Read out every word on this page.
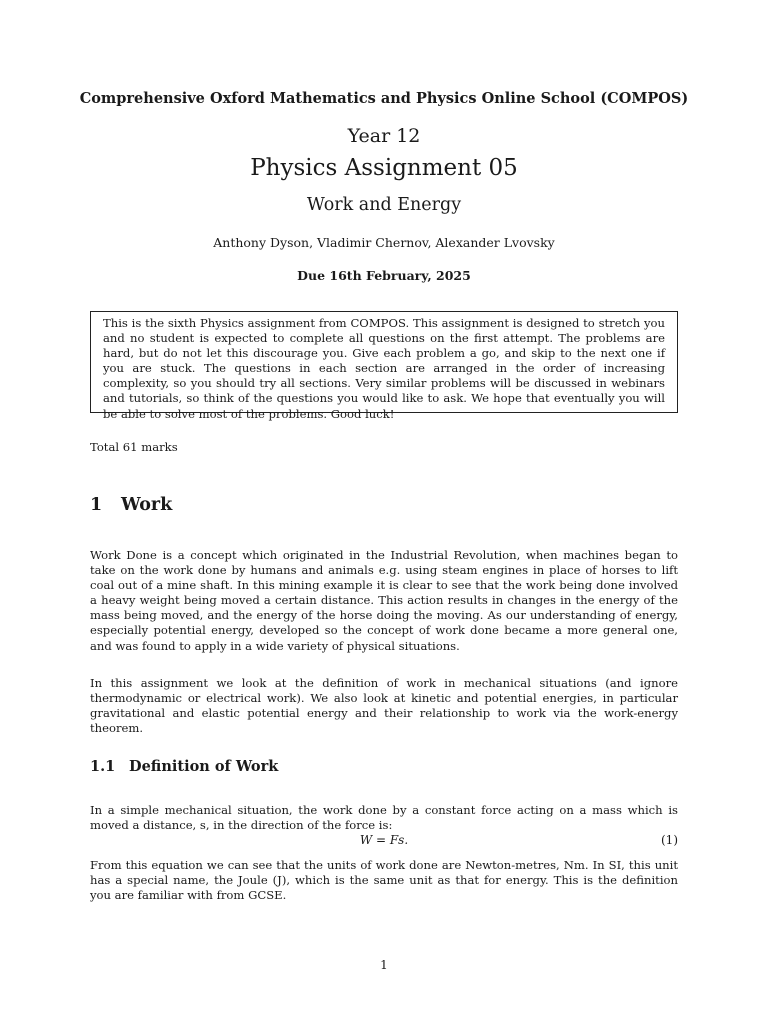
Comprehensive Oxford Mathematics and Physics Online School (COMPOS)
Year 12
Physics Assignment 05
Work and Energy
Anthony Dyson, Vladimir Chernov, Alexander Lvovsky
Due 16th February, 2025
This is the sixth Physics assignment from COMPOS. This assignment is designed to stretch you and no student is expected to complete all questions on the first attempt. The problems are hard, but do not let this discourage you. Give each problem a go, and skip to the next one if you are stuck. The questions in each section are arranged in the order of increasing complexity, so you should try all sections. Very similar problems will be discussed in webinars and tutorials, so think of the questions you would like to ask. We hope that eventually you will be able to solve most of the problems. Good luck!
Total 61 marks
1 Work
Work Done is a concept which originated in the Industrial Revolution, when machines began to take on the work done by humans and animals e.g. using steam engines in place of horses to lift coal out of a mine shaft. In this mining example it is clear to see that the work being done involved a heavy weight being moved a certain distance. This action results in changes in the energy of the mass being moved, and the energy of the horse doing the moving. As our understanding of energy, especially potential energy, developed so the concept of work done became a more general one, and was found to apply in a wide variety of physical situations.
In this assignment we look at the definition of work in mechanical situations (and ignore thermodynamic or electrical work). We also look at kinetic and potential energies, in particular gravitational and elastic potential energy and their relationship to work via the work-energy theorem.
1.1 Definition of Work
In a simple mechanical situation, the work done by a constant force acting on a mass which is moved a distance, s, in the direction of the force is:
W = Fs.	(1)
From this equation we can see that the units of work done are Newton-metres, Nm. In SI, this unit has a special name, the Joule (J), which is the same unit as that for energy. This is the definition you are familiar with from GCSE.
1
